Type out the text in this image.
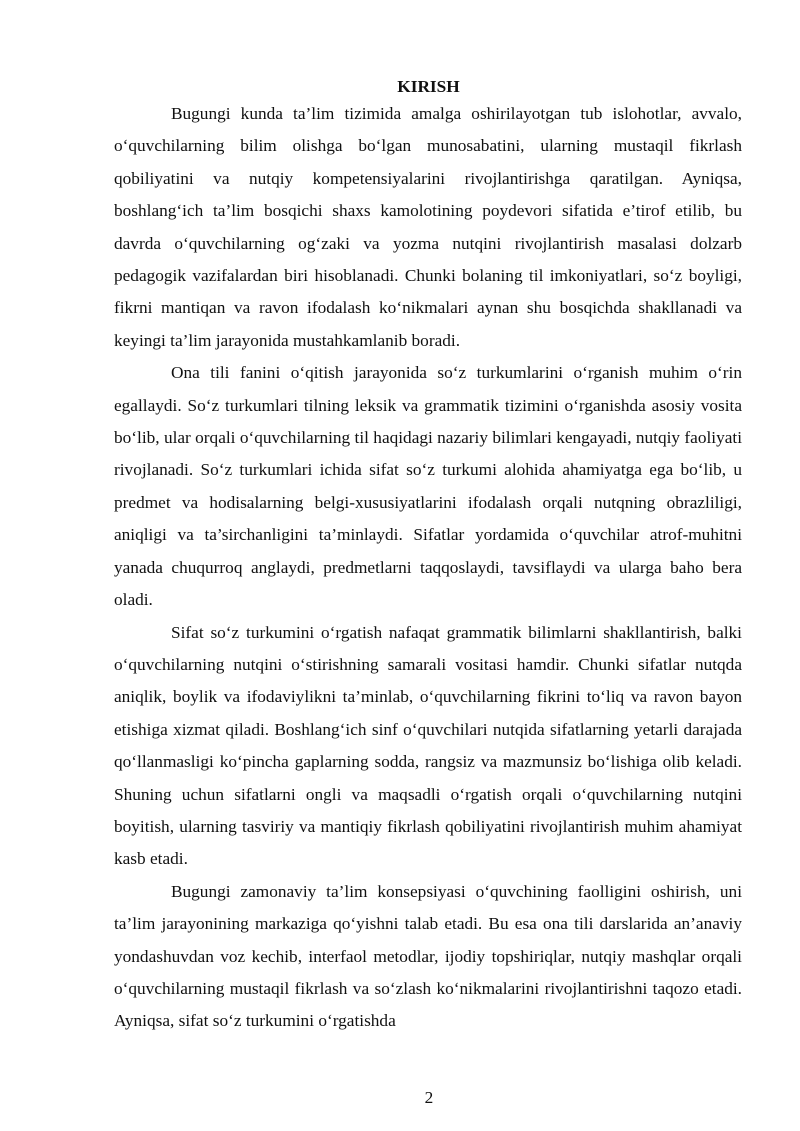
KIRISH

Bugungi kunda ta’lim tizimida amalga oshirilayotgan tub islohotlar, avvalo, o‘quvchilarning bilim olishga bo‘lgan munosabatini, ularning mustaqil fikrlash qobiliyatini va nutqiy kompetensiyalarini rivojlantirishga qaratilgan. Ayniqsa, boshlang‘ich ta’lim bosqichi shaxs kamolotining poydevori sifatida e’tirof etilib, bu davrda o‘quvchilarning og‘zaki va yozma nutqini rivojlantirish masalasi dolzarb pedagogik vazifalardan biri hisoblanadi. Chunki bolaning til imkoniyatlari, so‘z boyligi, fikrni mantiqan va ravon ifodalash ko‘nikmalari aynan shu bosqichda shakllanadi va keyingi ta’lim jarayonida mustahkamlanib boradi.

Ona tili fanini o‘qitish jarayonida so‘z turkumlarini o‘rganish muhim o‘rin egallaydi. So‘z turkumlari tilning leksik va grammatik tizimini o‘rganishda asosiy vosita bo‘lib, ular orqali o‘quvchilarning til haqidagi nazariy bilimlari kengayadi, nutqiy faoliyati rivojlanadi. So‘z turkumlari ichida sifat so‘z turkumi alohida ahamiyatga ega bo‘lib, u predmet va hodisalarning belgi-xususiyatlarini ifodalash orqali nutqning obrazliligi, aniqligi va ta’sirchanligini ta’minlaydi. Sifatlar yordamida o‘quvchilar atrof-muhitni yanada chuqurroq anglaydi, predmetlarni taqqoslaydi, tavsiflaydi va ularga baho bera oladi.

Sifat so‘z turkumini o‘rgatish nafaqat grammatik bilimlarni shakllantirish, balki o‘quvchilarning nutqini o‘stirishning samarali vositasi hamdir. Chunki sifatlar nutqda aniqlik, boylik va ifodaviylikni ta’minlab, o‘quvchilarning fikrini to‘liq va ravon bayon etishiga xizmat qiladi. Boshlang‘ich sinf o‘quvchilari nutqida sifatlarning yetarli darajada qo‘llanmasligi ko‘pincha gaplarning sodda, rangsiz va mazmunsiz bo‘lishiga olib keladi. Shuning uchun sifatlarni ongli va maqsadli o‘rgatish orqali o‘quvchilarning nutqini boyitish, ularning tasviriy va mantiqiy fikrlash qobiliyatini rivojlantirish muhim ahamiyat kasb etadi.

Bugungi zamonaviy ta’lim konsepsiyasi o‘quvchining faolligini oshirish, uni ta’lim jarayonining markaziga qo‘yishni talab etadi. Bu esa ona tili darslarida an’anaviy yondashuvdan voz kechib, interfaol metodlar, ijodiy topshiriqlar, nutqiy mashqlar orqali o‘quvchilarning mustaqil fikrlash va so‘zlash ko‘nikmalarini rivojlantirishni taqozo etadi. Ayniqsa, sifat so‘z turkumini o‘rgatishda

2
